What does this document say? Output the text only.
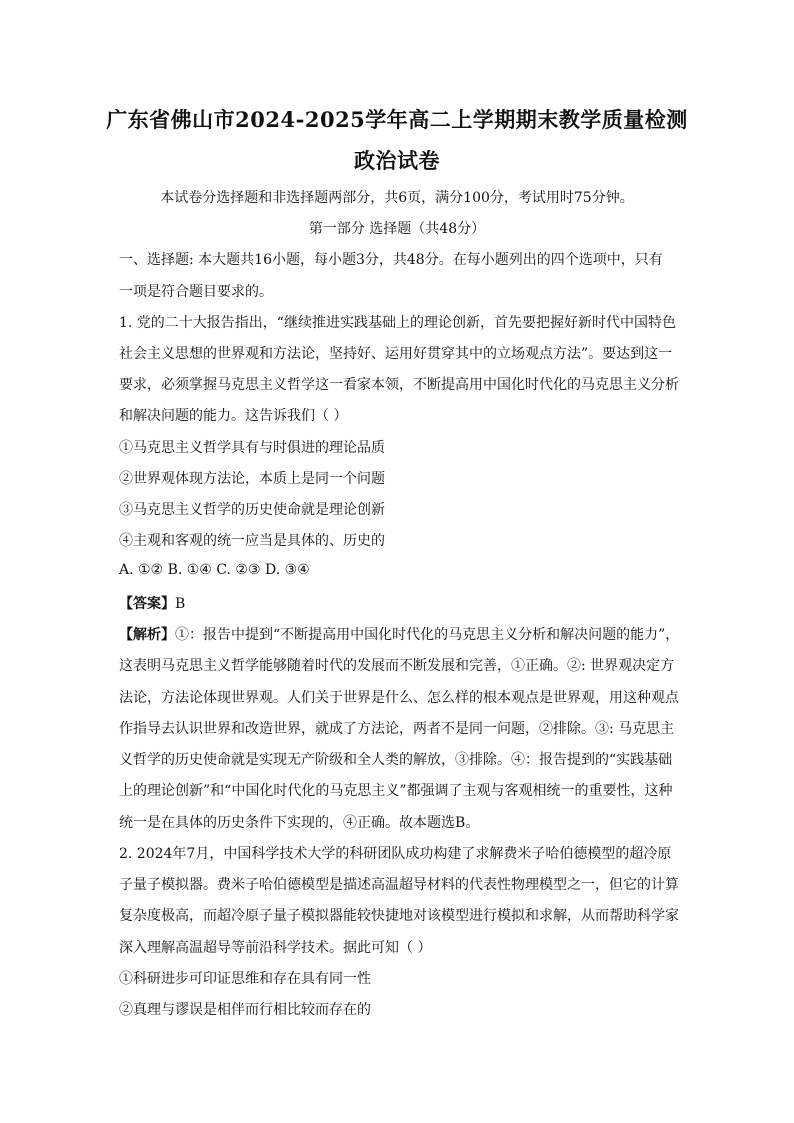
广东省佛山市2024-2025学年高二上学期期末教学质量检测
政治试卷
本试卷分选择题和非选择题两部分，共6页，满分100分，考试用时75分钟。
第一部分 选择题（共48分）
一、选择题: 本大题共16小题，每小题3分，共48分。在每小题列出的四个选项中，只有
一项是符合题目要求的。
1. 党的二十大报告指出，“继续推进实践基础上的理论创新，首先要把握好新时代中国特色
社会主义思想的世界观和方法论，坚持好、运用好贯穿其中的立场观点方法”。要达到这一
要求，必须掌握马克思主义哲学这一看家本领，不断提高用中国化时代化的马克思主义分析
和解决问题的能力。这告诉我们（ ）
①马克思主义哲学具有与时俱进的理论品质
②世界观体现方法论，本质上是同一个问题
③马克思主义哲学的历史使命就是理论创新
④主观和客观的统一应当是具体的、历史的
A. ①② B. ①④ C. ②③ D. ③④
【答案】B
【解析】①：报告中提到“不断提高用中国化时代化的马克思主义分析和解决问题的能力”，
这表明马克思主义哲学能够随着时代的发展而不断发展和完善，①正确。②: 世界观决定方
法论，方法论体现世界观。人们关于世界是什么、怎么样的根本观点是世界观，用这种观点
作指导去认识世界和改造世界，就成了方法论，两者不是同一问题，②排除。③: 马克思主
义哲学的历史使命就是实现无产阶级和全人类的解放，③排除。④：报告提到的“实践基础
上的理论创新”和“中国化时代化的马克思主义”都强调了主观与客观相统一的重要性，这种
统一是在具体的历史条件下实现的，④正确。故本题选B。
2. 2024年7月，中国科学技术大学的科研团队成功构建了求解费米子哈伯德模型的超冷原
子量子模拟器。费米子哈伯德模型是描述高温超导材料的代表性物理模型之一，但它的计算
复杂度极高，而超冷原子量子模拟器能较快捷地对该模型进行模拟和求解，从而帮助科学家
深入理解高温超导等前沿科学技术。据此可知（ ）
①科研进步可印证思维和存在具有同一性
②真理与谬误是相伴而行相比较而存在的
